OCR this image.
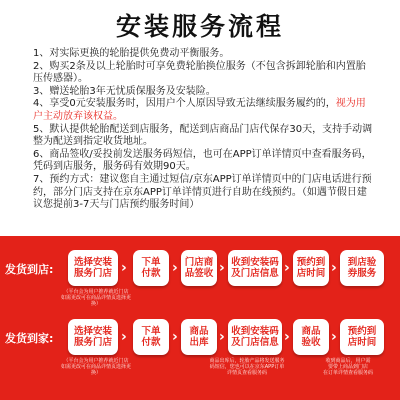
安装服务流程
1、对实际更换的轮胎提供免费动平衡服务。
2、购买2条及以上轮胎时可享免费轮胎换位服务（不包含拆卸轮胎和内置胎压传感器）。
3、赠送轮胎3年无忧质保服务及安装险。
4、享受0元安装服务时，因用户个人原因导致无法继续服务履约的，视为用户主动放弃该权益。
5、默认提供轮胎配送到店服务，配送到店商品门店代保存30天，支持手动调整为配送到指定收货地址。
6、商品签收/妥投前发送服务码短信，也可在APP订单详情页中查看服务码，凭码到店服务，服务码有效期90天。
7、预约方式：建议您自主通过短信/京东APP订单详情页中的门店电话进行预约，部分门店支持在京东APP订单详情页进行自助在线预约。（如遇节假日建议您提前3-7天与门店预约服务时间）
发货到店:
选择安装
服务门店 ›	下单
付款 › 门店商
品签收 › 收到安装码
及门店信息 › 预约到
店时间 ›	到店验
券服务
（平台会为用户推荐就近门店
如需更改可在商品详情页选择更换）
发货到家:
选择安装
服务门店 ›	下单
付款 ›	商品
出库 › 收到安装码
及门店信息 ›	商品
验收 ›	预约到
店时间
（平台会为用户推荐就近门店
如需更改可在商品详情页选择更换）
商品出库后，轮胎产品将发送服务
码短信，您也可以在京东APP订单
详情页查看服务码
收到商品后，用户需
要带上商品到门店
在订单详情查看服务码
